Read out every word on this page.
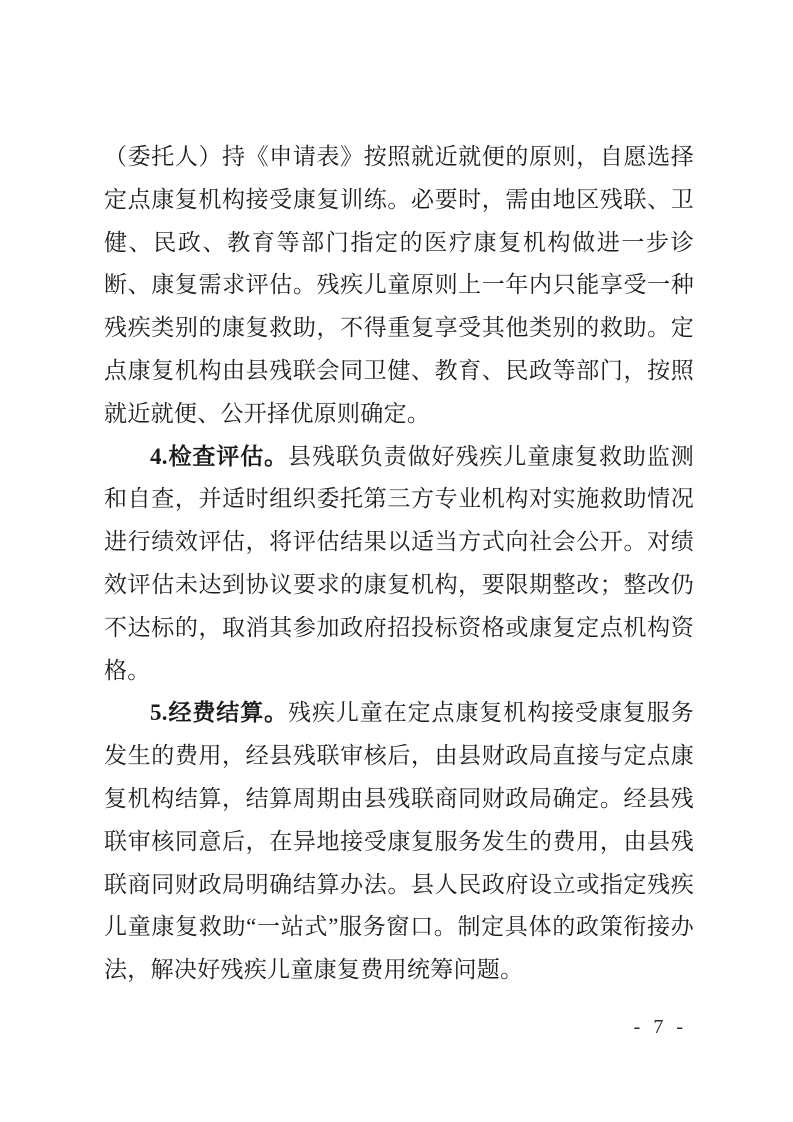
（委托人）持《申请表》按照就近就便的原则，自愿选择定点康复机构接受康复训练。必要时，需由地区残联、卫健、民政、教育等部门指定的医疗康复机构做进一步诊断、康复需求评估。残疾儿童原则上一年内只能享受一种残疾类别的康复救助，不得重复享受其他类别的救助。定点康复机构由县残联会同卫健、教育、民政等部门，按照就近就便、公开择优原则确定。

4.检查评估。县残联负责做好残疾儿童康复救助监测和自查，并适时组织委托第三方专业机构对实施救助情况进行绩效评估，将评估结果以适当方式向社会公开。对绩效评估未达到协议要求的康复机构，要限期整改；整改仍不达标的，取消其参加政府招投标资格或康复定点机构资格。

5.经费结算。残疾儿童在定点康复机构接受康复服务发生的费用，经县残联审核后，由县财政局直接与定点康复机构结算，结算周期由县残联商同财政局确定。经县残联审核同意后，在异地接受康复服务发生的费用，由县残联商同财政局明确结算办法。县人民政府设立或指定残疾儿童康复救助“一站式”服务窗口。制定具体的政策衔接办法，解决好残疾儿童康复费用统筹问题。

- 7 -
